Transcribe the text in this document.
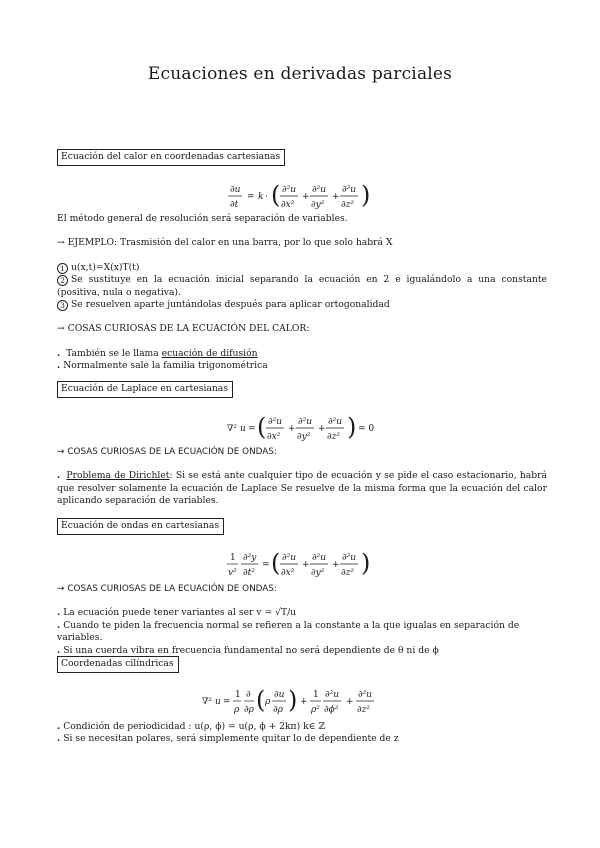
Ecuaciones en derivadas parciales
Ecuación del calor en coordenadas cartesianas
∂u
∂t
= k · ( ∂²u
∂x²
+
∂²u
∂y²
+
∂²u
∂z² )

El método general de resolución será separación de variables.

→ EJEMPLO: Trasmisión del calor en una barra, por lo que solo habrá X

1 u(x,t)=X(x)T(t)

2 Se sustituye en la ecuación inicial separando la ecuación en 2 e igualándolo a una constante (positiva, nula o negativa).

3 Se resuelven aparte juntándolas después para aplicar ortogonalidad

→ COSAS CURIOSAS DE LA ECUACIÓN DEL CALOR:

. También se le llama ecuación de difusión

. Normalmente sale la familia trigonométrica

Ecuación de Laplace en cartesianas
∇² u = ( ∂²u
∂x²
+
∂²u
∂y²
+
∂²u
∂z² ) = 0

→ COSAS CURIOSAS DE LA ECUACIÓN DE ONDAS:

. Problema de Dirichlet: Si se está ante cualquier tipo de ecuación y se pide el caso estacionario, habrá que resolver solamente la ecuación de Laplace Se resuelve de la misma forma que la ecuación del calor aplicando separación de variables.

Ecuación de ondas en cartesianas
1
v²
∂²y
∂t²
= ( ∂²u
∂x²
+
∂²u
∂y²
+
∂²u
∂z² )

→ COSAS CURIOSAS DE LA ECUACIÓN DE ONDAS:

. La ecuación puede tener variantes al ser v = √T/u

. Cuando te piden la frecuencia normal se refieren a la constante a la que igualas en separación de variables.

. Si una cuerda vibra en frecuencia fundamental no será dependiente de θ ni de ϕ

Coordenadas cilíndricas
∇² u =
1
ρ
∂
∂ρ ( ρ
∂u
∂ρ ) +
1
ρ²
∂²u
∂ϕ²
+
∂²u
∂z²

. Condición de periodicidad : u(ρ, ϕ) = u(ρ, ϕ + 2kπ) k∈ ℤ

. Si se necesitan polares, será simplemente quitar lo de dependiente de z
